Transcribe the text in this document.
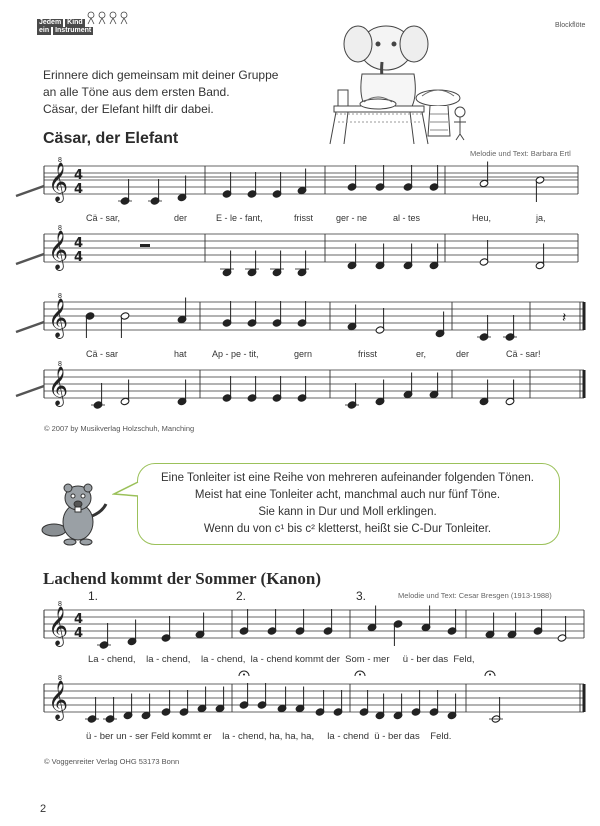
Jedem Kind
ein Instrument
Blockflöte
Erinnere dich gemeinsam mit deiner Gruppe
an alle Töne aus dem ersten Band.
Cäsar, der Elefant hilft dir dabei.
Cäsar, der Elefant
Melodie und Text: Barbara Ertl
Cä - sar,	der	E - le - fant,	frisst	ger - ne	al - tes	Heu,	ja,
Cä - sar	hat	Ap - pe - tit,	gern	frisst	er,	der	Cä - sar!
© 2007 by Musikverlag Holzschuh, Manching
Eine Tonleiter ist eine Reihe von mehreren aufeinander folgenden Tönen.
Meist hat eine Tonleiter acht, manchmal auch nur fünf Töne.
Sie kann in Dur und Moll erklingen.
Wenn du von c¹ bis c² kletterst, heißt sie C-Dur Tonleiter.
Lachend kommt der Sommer (Kanon)
Melodie und Text: Cesar Bresgen (1913-1988)
1.	2.	3.
𝄞
8
4
4
𝄞
8
4
4
𝄞
8
𝄞
8
𝄽
𝄞
8
4
4
𝄞
8
La - chend,    la - chend,    la - chend,  la - chend kommt der  Som - mer     ü - ber das  Feld,
ü - ber un - ser Feld kommt er    la - chend, ha, ha, ha,     la - chend  ü - ber das    Feld.
© Voggenreiter Verlag OHG 53173 Bonn
2
